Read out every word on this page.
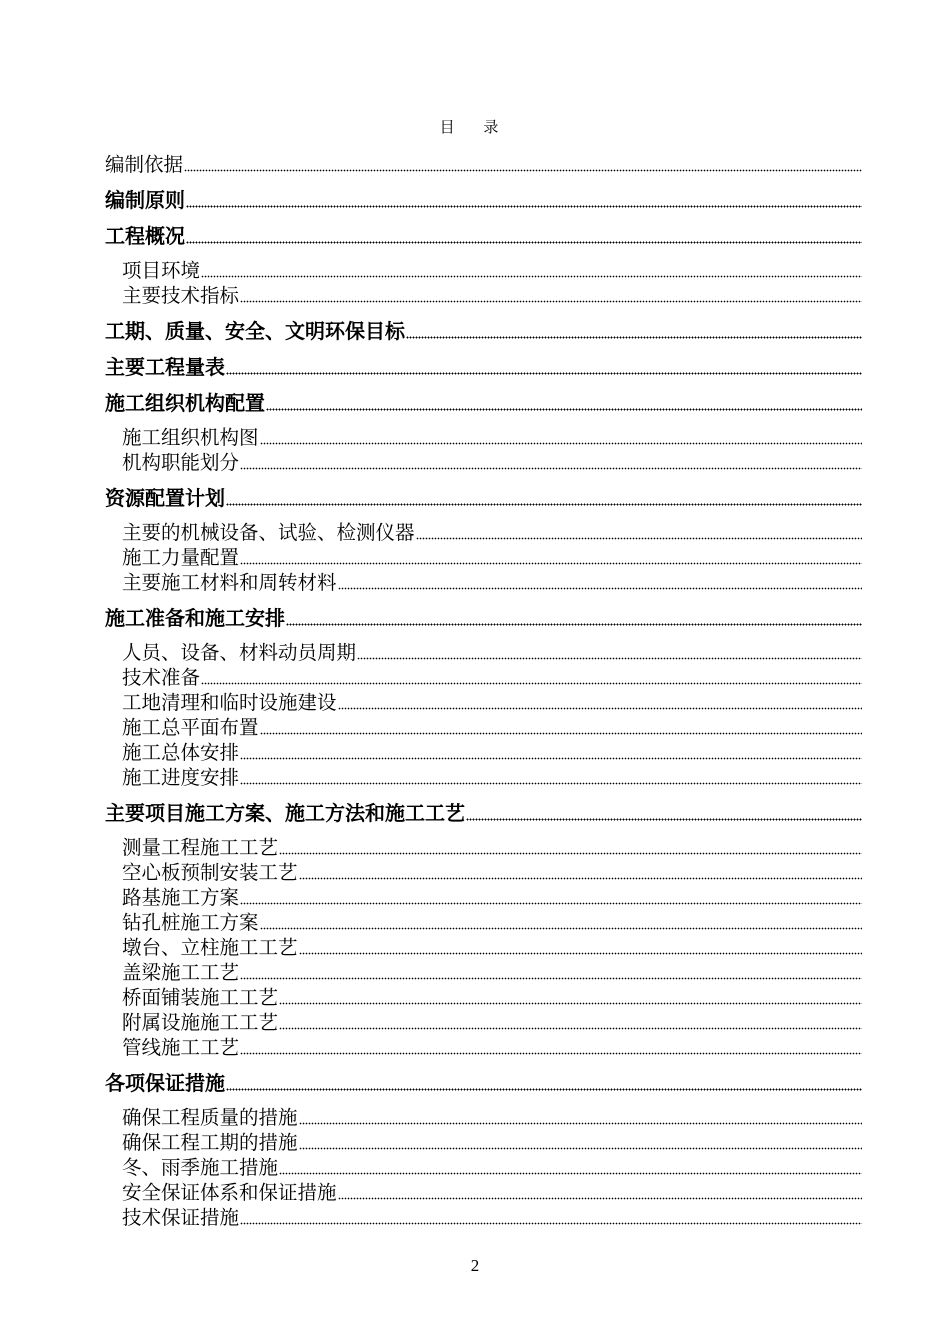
目 录
编制依据
编制原则
工程概况
项目环境
主要技术指标
工期、质量、安全、文明环保目标
主要工程量表
施工组织机构配置
施工组织机构图
机构职能划分
资源配置计划
主要的机械设备、试验、检测仪器
施工力量配置
主要施工材料和周转材料
施工准备和施工安排
人员、设备、材料动员周期
技术准备
工地清理和临时设施建设
施工总平面布置
施工总体安排
施工进度安排
主要项目施工方案、施工方法和施工工艺
测量工程施工工艺
空心板预制安装工艺
路基施工方案
钻孔桩施工方案
墩台、立柱施工工艺
盖梁施工工艺
桥面铺装施工工艺
附属设施施工工艺
管线施工工艺
各项保证措施
确保工程质量的措施
确保工程工期的措施
冬、雨季施工措施
安全保证体系和保证措施
技术保证措施
2
